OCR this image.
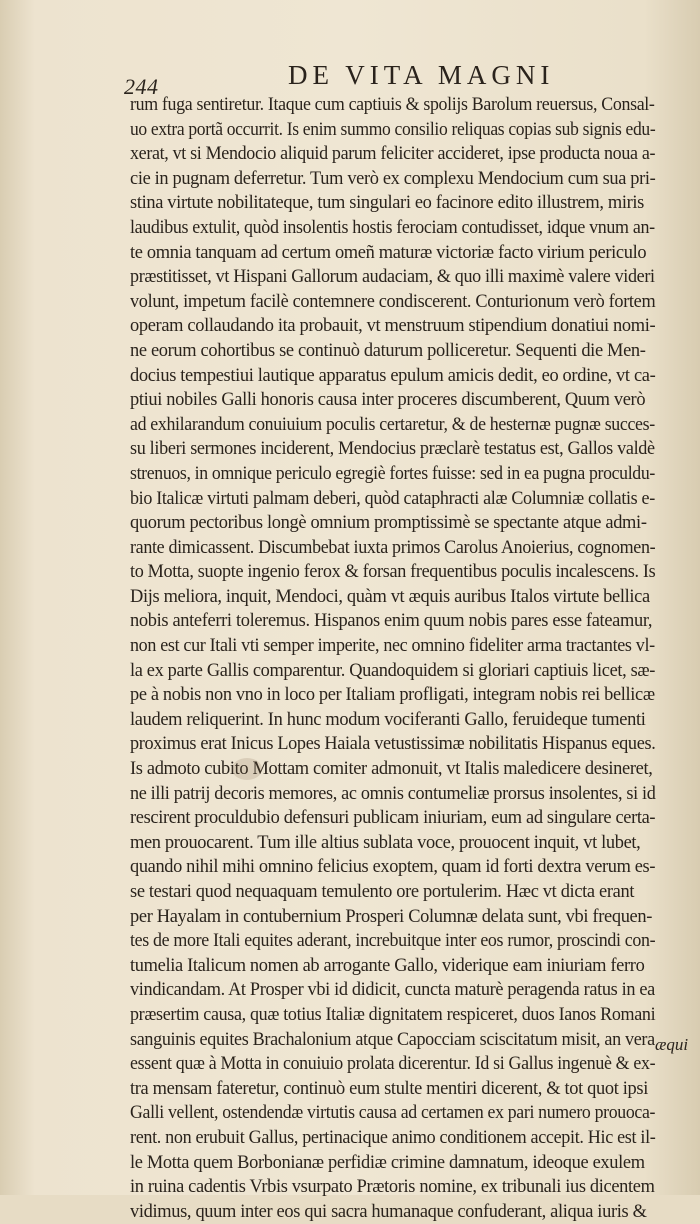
244	DE VITA MAGNI
rum fuga sentiretur. Itaque cum captiuis & spolijs Barolum reuersus, Consal-
uo extra portã occurrit. Is enim summo consilio reliquas copias sub signis edu-
xerat, vt si Mendocio aliquid parum feliciter accideret, ipse producta noua a-
cie in pugnam deferretur. Tum verò ex complexu Mendocium cum sua pri-
stina virtute nobilitateque, tum singulari eo facinore edito illustrem, miris
laudibus extulit, quòd insolentis hostis ferociam contudisset, idque vnum an-
te omnia tanquam ad certum omeñ maturæ victoriæ facto virium periculo
præstitisset, vt Hispani Gallorum audaciam, & quo illi maximè valere videri
volunt, impetum facilè contemnere condiscerent. Conturionum verò fortem
operam collaudando ita probauit, vt menstruum stipendium donatiui nomi-
ne eorum cohortibus se continuò daturum polliceretur. Sequenti die Men-
docius tempestiui lautique apparatus epulum amicis dedit, eo ordine, vt ca-
ptiui nobiles Galli honoris causa inter proceres discumberent, Quum verò
ad exhilarandum conuiuium poculis certaretur, & de hesternæ pugnæ succes-
su liberi sermones inciderent, Mendocius præclarè testatus est, Gallos valdè
strenuos, in omnique periculo egregiè fortes fuisse: sed in ea pugna proculdu-
bio Italicæ virtuti palmam deberi, quòd cataphracti alæ Columniæ collatis e-
quorum pectoribus longè omnium promptissimè se spectante atque admi-
rante dimicassent. Discumbebat iuxta primos Carolus Anoierius, cognomen-
to Motta, suopte ingenio ferox & forsan frequentibus poculis incalescens. Is
Dijs meliora, inquit, Mendoci, quàm vt æquis auribus Italos virtute bellica
nobis anteferri toleremus. Hispanos enim quum nobis pares esse fateamur,
non est cur Itali vti semper imperite, nec omnino fideliter arma tractantes vl-
la ex parte Gallis comparentur. Quandoquidem si gloriari captiuis licet, sæ-
pe à nobis non vno in loco per Italiam profligati, integram nobis rei bellicæ
laudem reliquerint. In hunc modum vociferanti Gallo, feruideque tumenti
proximus erat Inicus Lopes Haiala vetustissimæ nobilitatis Hispanus eques.
Is admoto cubito Mottam comiter admonuit, vt Italis maledicere desineret,
ne illi patrij decoris memores, ac omnis contumeliæ prorsus insolentes, si id
rescirent proculdubio defensuri publicam iniuriam, eum ad singulare certa-
men prouocarent. Tum ille altius sublata voce, prouocent inquit, vt lubet,
quando nihil mihi omnino felicius exoptem, quam id forti dextra verum es-
se testari quod nequaquam temulento ore portulerim. Hæc vt dicta erant
per Hayalam in contubernium Prosperi Columnæ delata sunt, vbi frequen-
tes de more Itali equites aderant, increbuitque inter eos rumor, proscindi con-
tumelia Italicum nomen ab arrogante Gallo, viderique eam iniuriam ferro
vindicandam. At Prosper vbi id didicit, cuncta maturè peragenda ratus in ea
præsertim causa, quæ totius Italiæ dignitatem respiceret, duos Ianos Romani
sanguinis equites Brachalonium atque Capocciam sciscitatum misit, an vera
essent quæ à Motta in conuiuio prolata dicerentur. Id si Gallus ingenuè & ex-
tra mensam fateretur, continuò eum stulte mentiri dicerent, & tot quot ipsi
Galli vellent, ostendendæ virtutis causa ad certamen ex pari numero prouoca-
rent. non erubuit Gallus, pertinacique animo conditionem accepit. Hic est il-
le Motta quem Borbonianæ perfidiæ crimine damnatum, ideoque exulem
in ruina cadentis Vrbis vsurpato Prætoris nomine, ex tribunali ius dicentem
vidimus, quum inter eos qui sacra humanaque confuderant, aliqua iuris &
æqui
